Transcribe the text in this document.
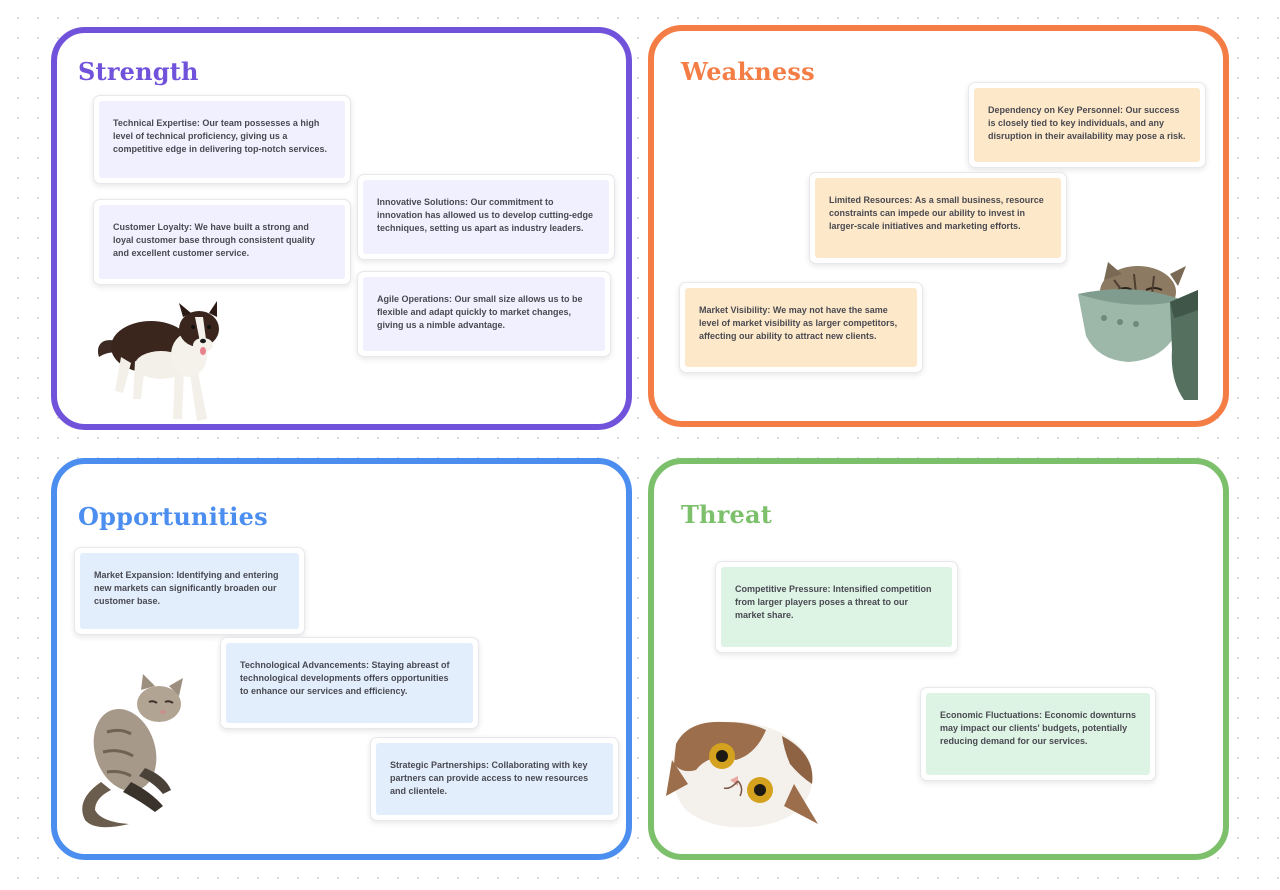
Strength
Technical Expertise: Our team possesses a high level of technical proficiency, giving us a competitive edge in delivering top-notch services.
Innovative Solutions: Our commitment to innovation has allowed us to develop cutting-edge techniques, setting us apart as industry leaders.
Customer Loyalty: We have built a strong and loyal customer base through consistent quality and excellent customer service.
Agile Operations: Our small size allows us to be flexible and adapt quickly to market changes, giving us a nimble advantage.
Weakness
Dependency on Key Personnel: Our success is closely tied to key individuals, and any disruption in their availability may pose a risk.
Limited Resources: As a small business, resource constraints can impede our ability to invest in larger-scale initiatives and marketing efforts.
Market Visibility: We may not have the same level of market visibility as larger competitors, affecting our ability to attract new clients.
Opportunities
Market Expansion: Identifying and entering new markets can significantly broaden our customer base.
Technological Advancements: Staying abreast of technological developments offers opportunities to enhance our services and efficiency.
Strategic Partnerships: Collaborating with key partners can provide access to new resources and clientele.
Threat
Competitive Pressure: Intensified competition from larger players poses a threat to our market share.
Economic Fluctuations: Economic downturns may impact our clients' budgets, potentially reducing demand for our services.
